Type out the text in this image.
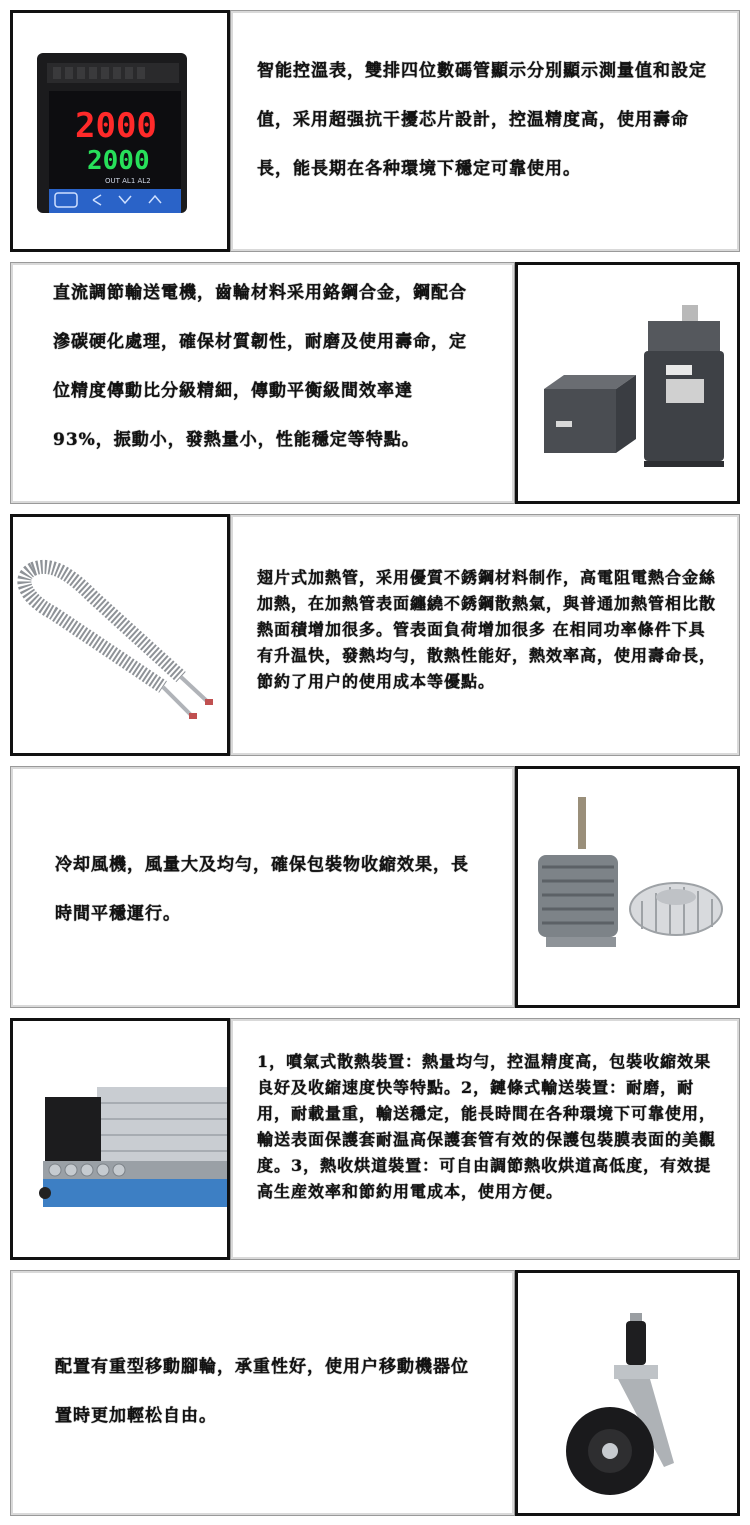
2000
2000
OUT AL1 AL2
智能控溫表，雙排四位數碼管顯示分別顯示測量值和設定值，采用超强抗干擾芯片設計，控温精度高，使用壽命長，能長期在各种環境下穩定可靠使用。
直流調節輸送電機，齒輪材料采用鉻鋼合金，鋼配合滲碳硬化處理，確保材質韌性，耐磨及使用壽命，定位精度傳動比分級精細，傳動平衡級間效率達93%，振動小，發熱量小，性能穩定等特點。
翅片式加熱管，采用優質不銹鋼材料制作，高電阻電熱合金絲加熱，在加熱管表面纏繞不銹鋼散熱氣，與普通加熱管相比散熱面積增加很多。管表面負荷增加很多 在相同功率條件下具有升温快，發熱均勻，散熱性能好，熱效率高，使用壽命長，節約了用户的使用成本等優點。
冷却風機，風量大及均勻，確保包裝物收縮效果，長時間平穩運行。
1，噴氣式散熱裝置：熱量均勻，控温精度高，包裝收縮效果良好及收縮速度快等特點。2，鏈條式輸送裝置：耐磨，耐用，耐載量重，輸送穩定，能長時間在各种環境下可靠使用，輸送表面保護套耐温高保護套管有效的保護包裝膜表面的美觀度。3，熱收烘道裝置：可自由調節熱收烘道高低度，有效提高生産效率和節約用電成本，使用方便。
配置有重型移動腳輪，承重性好，使用户移動機器位置時更加輕松自由。
